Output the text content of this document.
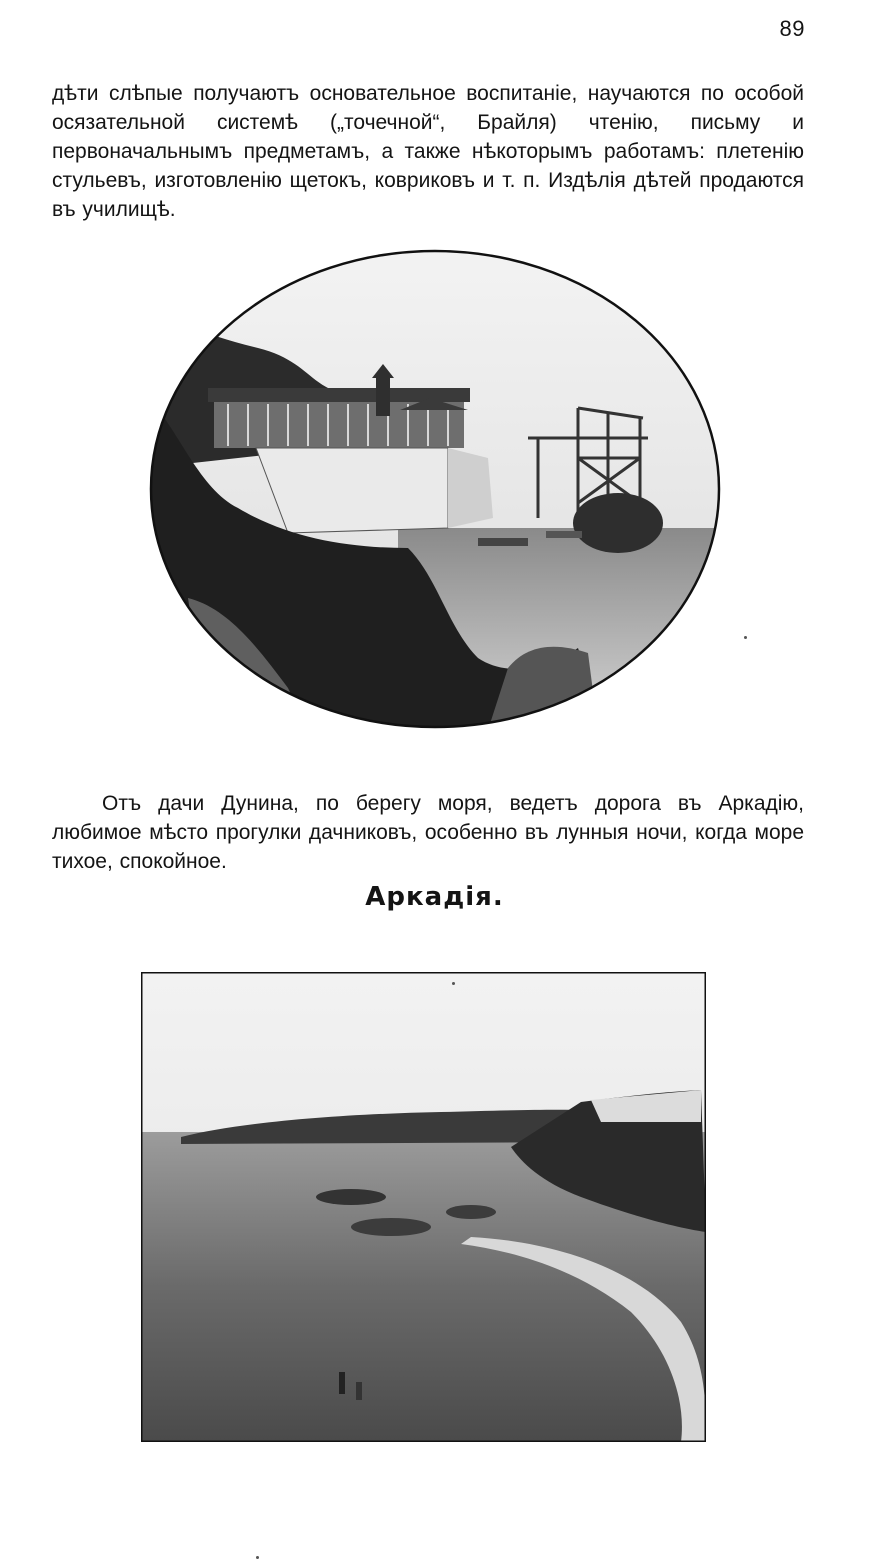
89

дѣти слѣпые получаютъ основательное воспитаніе, научаются по особой осязательной системѣ („точечной“, Брайля) чтенію, письму и первоначальнымъ предметамъ, а также нѣкоторымъ работамъ: плетенію стульевъ, изготовленію щетокъ, ковриковъ и т. п. Издѣлія дѣтей продаются въ училищѣ.

Отъ дачи Дунина, по берегу моря, ведетъ дорога въ Аркадію, любимое мѣсто прогулки дачниковъ, особенно въ лунныя ночи, когда море тихое, спокойное.

Аркадія.
